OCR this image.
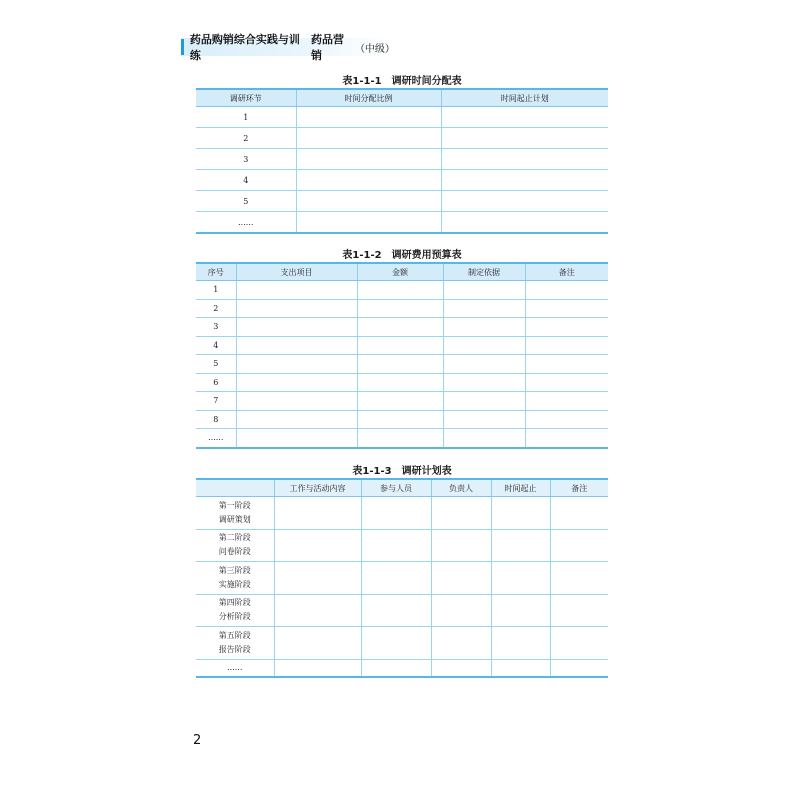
药品购销综合实践与训练
药品营销	（中级）
表1-1-1 调研时间分配表
调研环节	时间分配比例	时间起止计划
1		
2		
3		
4		
5		
......		
表1-1-2 调研费用预算表
序号	支出项目	金额	制定依据	备注
1				
2				
3				
4				
5				
6				
7				
8				
......				
表1-1-3 调研计划表
	工作与活动内容	参与人员	负责人	时间起止	备注

第一阶段
调研策划					

第二阶段
问卷阶段					

第三阶段
实施阶段					

第四阶段
分析阶段					

第五阶段
报告阶段					

......					
2
